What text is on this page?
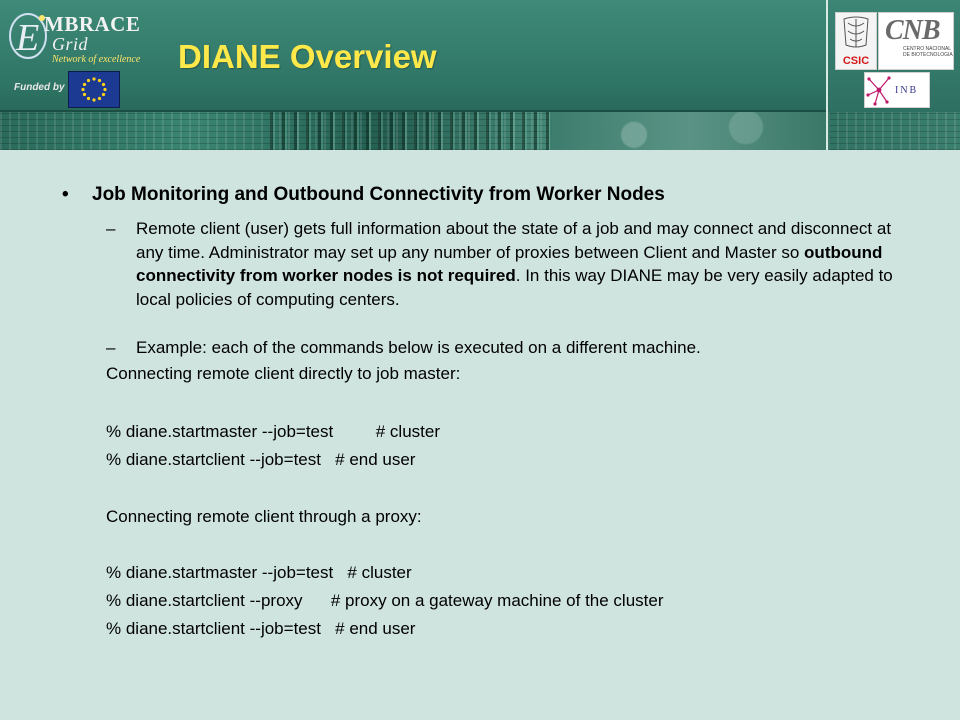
E MBRACE
Grid
Network of excellence
Funded by
DIANE Overview	CSIC
CNB
CENTRO NACIONAL DE BIOTECNOLOGIA
INB
• Job Monitoring and Outbound Connectivity from Worker Nodes
– Remote client (user) gets full information about the state of a job and may connect and disconnect at any time. Administrator may set up any number of proxies between Client and Master so outbound connectivity from worker nodes is not required. In this way DIANE may be very easily adapted to local policies of computing centers.
– Example: each of the commands below is executed on a different machine.
Connecting remote client directly to job master:
% diane.startmaster --job=test         # cluster
% diane.startclient --job=test   # end user
Connecting remote client through a proxy:
% diane.startmaster --job=test   # cluster
% diane.startclient --proxy      # proxy on a gateway machine of the cluster
% diane.startclient --job=test   # end user
